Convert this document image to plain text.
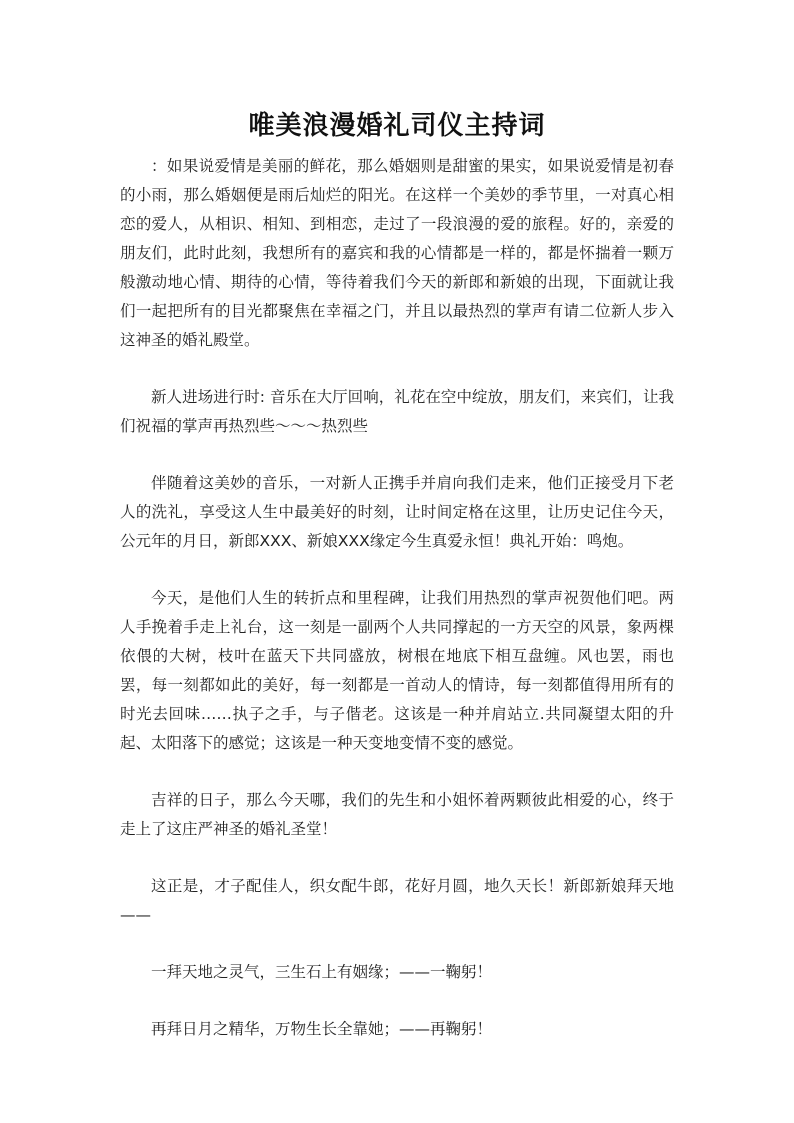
唯美浪漫婚礼司仪主持词

：如果说爱情是美丽的鲜花，那么婚姻则是甜蜜的果实，如果说爱情是初春的小雨，那么婚姻便是雨后灿烂的阳光。在这样一个美妙的季节里，一对真心相恋的爱人，从相识、相知、到相恋，走过了一段浪漫的爱的旅程。好的，亲爱的朋友们，此时此刻，我想所有的嘉宾和我的心情都是一样的，都是怀揣着一颗万般激动地心情、期待的心情，等待着我们今天的新郎和新娘的出现，下面就让我们一起把所有的目光都聚焦在幸福之门，并且以最热烈的掌声有请二位新人步入这神圣的婚礼殿堂。

新人进场进行时: 音乐在大厅回响，礼花在空中绽放，朋友们，来宾们，让我们祝福的掌声再热烈些～～～热烈些

伴随着这美妙的音乐，一对新人正携手并肩向我们走来，他们正接受月下老人的洗礼，享受这人生中最美好的时刻，让时间定格在这里，让历史记住今天，公元年的月日，新郎XXX、新娘XXX缘定今生真爱永恒！典礼开始：鸣炮。

今天，是他们人生的转折点和里程碑，让我们用热烈的掌声祝贺他们吧。两人手挽着手走上礼台，这一刻是一副两个人共同撑起的一方天空的风景，象两棵依偎的大树，枝叶在蓝天下共同盛放，树根在地底下相互盘缠。风也罢，雨也罢，每一刻都如此的美好，每一刻都是一首动人的情诗，每一刻都值得用所有的时光去回味……执子之手，与子偕老。这该是一种并肩站立.共同凝望太阳的升起、太阳落下的感觉；这该是一种天变地变情不变的感觉。

吉祥的日子，那么今天哪，我们的先生和小姐怀着两颗彼此相爱的心，终于走上了这庄严神圣的婚礼圣堂！

这正是，才子配佳人，织女配牛郎，花好月圆，地久天长！新郎新娘拜天地——

一拜天地之灵气，三生石上有姻缘；——一鞠躬！

再拜日月之精华，万物生长全靠她；——再鞠躬！
